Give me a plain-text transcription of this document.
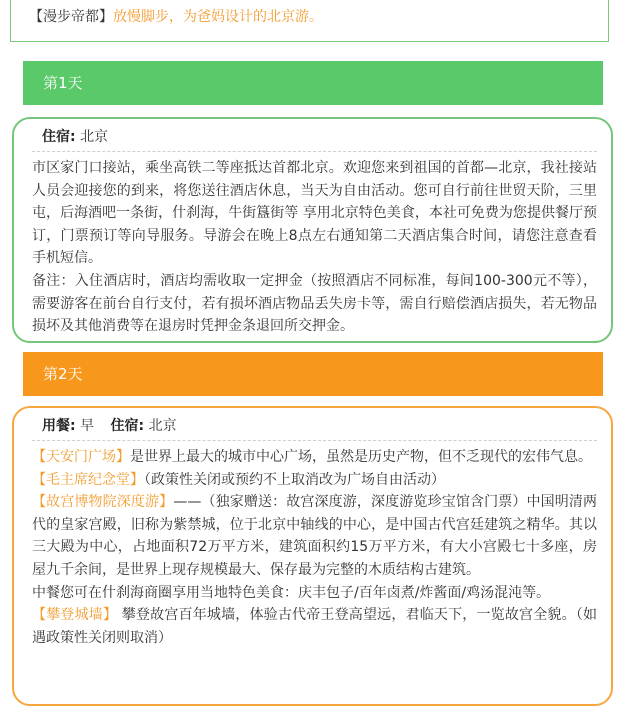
【漫步帝都】放慢脚步，为爸妈设计的北京游。
第1天
住宿: 北京

市区家门口接站，乘坐高铁二等座抵达首都北京。欢迎您来到祖国的首都—北京，我社接站人员会迎接您的到来，将您送往酒店休息，当天为自由活动。您可自行前往世贸天阶，三里屯，后海酒吧一条街，什刹海，牛街簋街等 享用北京特色美食，本社可免费为您提供餐厅预订，门票预订等向导服务。导游会在晚上8点左右通知第二天酒店集合时间，请您注意查看手机短信。

备注：入住酒店时，酒店均需收取一定押金（按照酒店不同标准，每间100-300元不等），需要游客在前台自行支付，若有损坏酒店物品丢失房卡等，需自行赔偿酒店损失，若无物品损坏及其他消费等在退房时凭押金条退回所交押金。

第2天
用餐: 早 住宿: 北京

【天安门广场】是世界上最大的城市中心广场，虽然是历史产物，但不乏现代的宏伟气息。

【毛主席纪念堂】（政策性关闭或预约不上取消改为广场自由活动）

【故宫博物院深度游】——（独家赠送：故宫深度游，深度游览珍宝馆含门票）中国明清两代的皇家宫殿，旧称为紫禁城，位于北京中轴线的中心，是中国古代宫廷建筑之精华。其以三大殿为中心，占地面积72万平方米，建筑面积约15万平方米，有大小宫殿七十多座，房屋九千余间，是世界上现存规模最大、保存最为完整的木质结构古建筑。

中餐您可在什刹海商圈享用当地特色美食：庆丰包子/百年卤煮/炸酱面/鸡汤混沌等。

【攀登城墙】 攀登故宫百年城墙，体验古代帝王登高望远，君临天下，一览故宫全貌。（如遇政策性关闭则取消）
